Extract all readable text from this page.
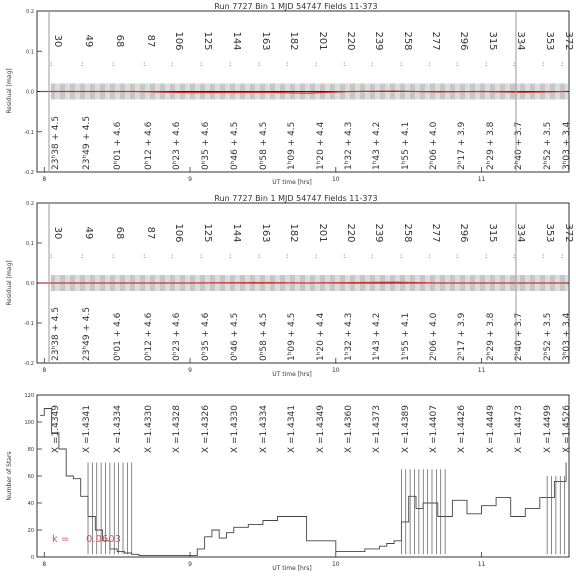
Run 7727 Bin 1 MJD 54747 Fields 11-373
0.2
0.1
0.0
-0.1
-0.2
8	9	10	11
30
:
49
:
68
:
87
:
106
:
125
:
144
:
163
:
182
:
201
:
220
:
239
:
258
:
277
:
296
:
315
:
334
:
353
:
372
:
23ʰ38 + 4.5 23ʰ49 + 4.5 0ʰ01 + 4.6 0ʰ12 + 4.6 0ʰ23 + 4.6 0ʰ35 + 4.6 0ʰ46 + 4.5 0ʰ58 + 4.5 1ʰ09 + 4.5 1ʰ20 + 4.4 1ʰ32 + 4.3 1ʰ43 + 4.2 1ʰ55 + 4.1 2ʰ06 + 4.0 2ʰ17 + 3.9 2ʰ29 + 3.8 2ʰ40 + 3.7 2ʰ52 + 3.5 3ʰ03 + 3.4
UT time [hrs]
Residual [mag]
Run 7727 Bin 1 MJD 54747 Fields 11-373
0.2
0.1
0.0
-0.1
-0.2
8	9	10	11
30
:
49
:
68
:
87
:
106
:
125
:
144
:
163
:
182
:
201
:
220
:
239
:
258
:
277
:
296
:
315
:
334
:
353
:
372
:
23ʰ38 + 4.5 23ʰ49 + 4.5 0ʰ01 + 4.6 0ʰ12 + 4.6 0ʰ23 + 4.6 0ʰ35 + 4.6 0ʰ46 + 4.5 0ʰ58 + 4.5 1ʰ09 + 4.5 1ʰ20 + 4.4 1ʰ32 + 4.3 1ʰ43 + 4.2 1ʰ55 + 4.1 2ʰ06 + 4.0 2ʰ17 + 3.9 2ʰ29 + 3.8 2ʰ40 + 3.7 2ʰ52 + 3.5 3ʰ03 + 3.4
UT time [hrs]
Residual [mag]
120
100
80
60
40
20
0
8	9	10	11
X =1.4349 X =1.4341 X =1.4334 X =1.4330 X =1.4328 X =1.4326 X =1.4330 X =1.4334 X =1.4341 X =1.4349 X =1.4360 X =1.4373 X =1.4389 X =1.4407 X =1.4426 X =1.4449 X =1.4473 X =1.4499 X =1.4526
k = 0.0603
UT time [hrs]
Number of Stars
